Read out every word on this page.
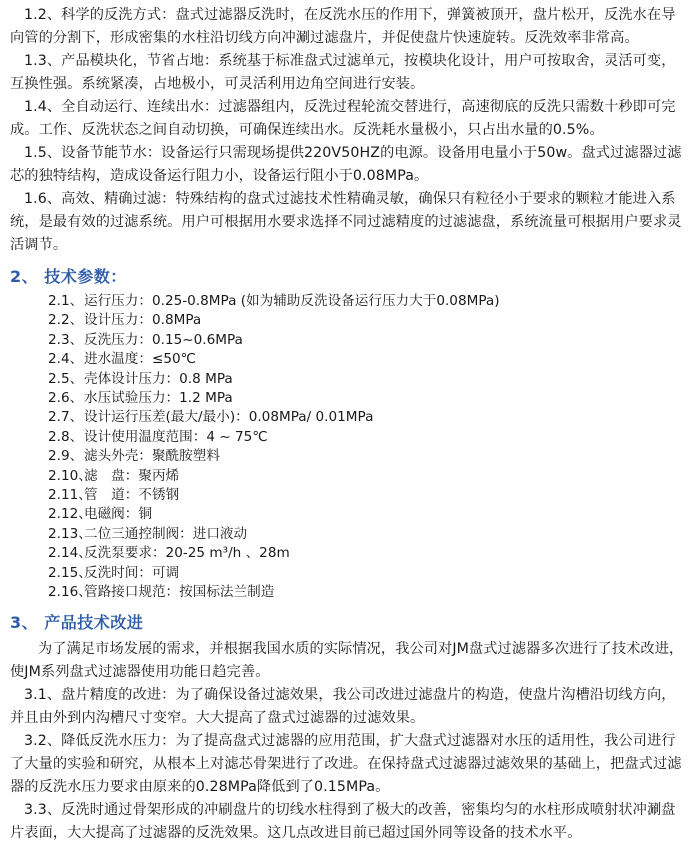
1.2、科学的反洗方式：盘式过滤器反洗时，在反洗水压的作用下，弹簧被顶开，盘片松开，反洗水在导向管的分割下，形成密集的水柱沿切线方向冲涮过滤盘片，并促使盘片快速旋转。反洗效率非常高。

1.3、产品模块化，节省占地：系统基于标准盘式过滤单元，按模块化设计，用户可按取舍，灵活可变，互换性强。系统紧凑，占地极小，可灵活利用边角空间进行安装。

1.4、全自动运行、连续出水：过滤器组内，反洗过程轮流交替进行，高速彻底的反洗只需数十秒即可完成。工作、反洗状态之间自动切换，可确保连续出水。反洗耗水量极小，只占出水量的0.5%。

1.5、设备节能节水：设备运行只需现场提供220V50HZ的电源。设备用电量小于50w。盘式过滤器过滤芯的独特结构，造成设备运行阻力小，设备运行阻小于0.08MPa。

1.6、高效、精确过滤：特殊结构的盘式过滤技术性精确灵敏，确保只有粒径小于要求的颗粒才能进入系统，是最有效的过滤系统。用户可根据用水要求选择不同过滤精度的过滤滤盘，系统流量可根据用户要求灵活调节。

2、 技术参数：
2.1、运行压力：0.25-0.8MPa (如为辅助反洗设备运行压力大于0.08MPa)
2.2、设计压力：0.8MPa
2.3、反洗压力：0.15~0.6MPa
2.4、进水温度：≤50℃
2.5、壳体设计压力：0.8 MPa
2.6、水压试验压力：1.2 MPa
2.7、设计运行压差(最大/最小)：0.08MPa/ 0.01MPa
2.8、设计使用温度范围：4 ~ 75℃
2.9、滤头外壳：聚酰胺塑料
2.10、滤　盘：聚丙烯
2.11、管　道：不锈钢
2.12、电磁阀：铜
2.13、二位三通控制阀：进口液动
2.14、反洗泵要求：20-25 m³/h 、28m
2.15、反洗时间：可调
2.16、管路接口规范：按国标法兰制造
3、 产品技术改进

为了满足市场发展的需求，并根据我国水质的实际情况，我公司对JM盘式过滤器多次进行了技术改进，使JM系列盘式过滤器使用功能日趋完善。

3.1、盘片精度的改进：为了确保设备过滤效果，我公司改进过滤盘片的构造，使盘片沟槽沿切线方向，并且由外到内沟槽尺寸变窄。大大提高了盘式过滤器的过滤效果。

3.2、降低反洗水压力：为了提高盘式过滤器的应用范围，扩大盘式过滤器对水压的适用性，我公司进行了大量的实验和研究，从根本上对滤芯骨架进行了改进。在保持盘式过滤器过滤效果的基础上，把盘式过滤器的反洗水压力要求由原来的0.28MPa降低到了0.15MPa。

3.3、反洗时通过骨架形成的冲刷盘片的切线水柱得到了极大的改善，密集均匀的水柱形成喷射状冲涮盘片表面，大大提高了过滤器的反洗效果。这几点改进目前已超过国外同等设备的技术水平。
